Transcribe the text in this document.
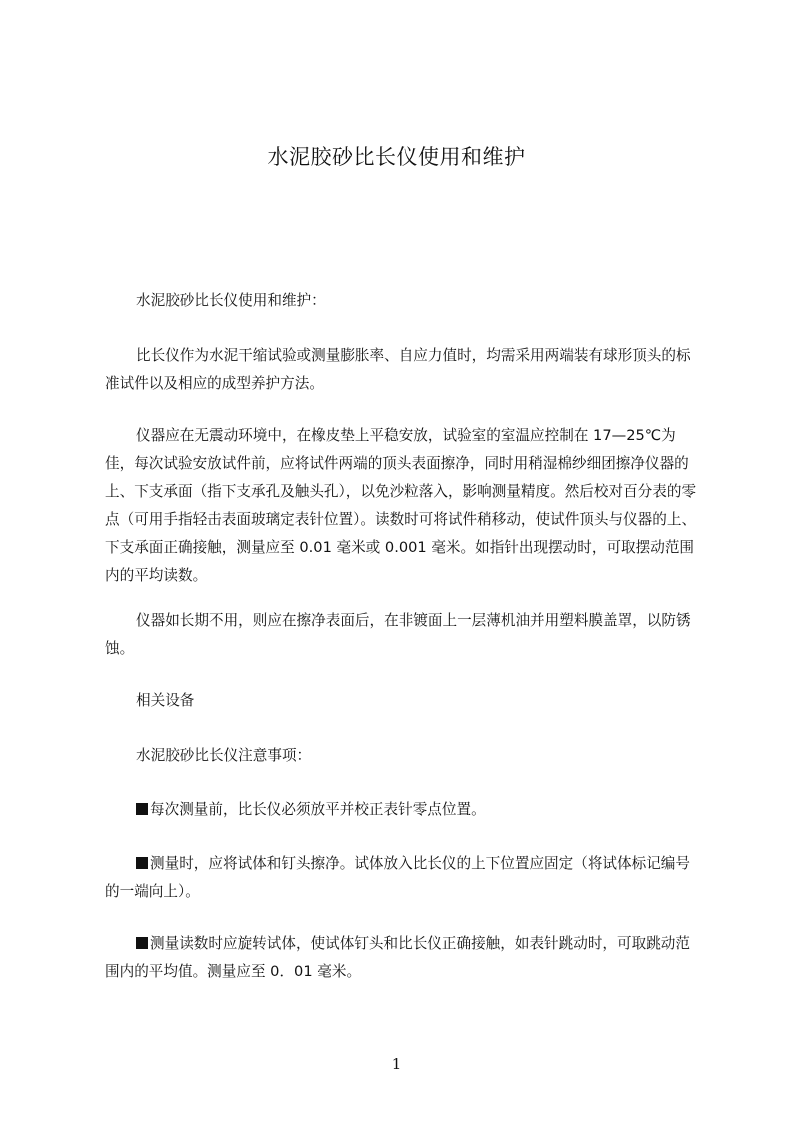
水泥胶砂比长仪使用和维护

水泥胶砂比长仪使用和维护：

比长仪作为水泥干缩试验或测量膨胀率、自应力值时，均需采用两端装有球形顶头的标准试件以及相应的成型养护方法。

仪器应在无震动环境中，在橡皮垫上平稳安放，试验室的室温应控制在 17—25℃为佳，每次试验安放试件前，应将试件两端的顶头表面擦净，同时用稍湿棉纱细团擦净仪器的上、下支承面（指下支承孔及触头孔），以免沙粒落入，影响测量精度。然后校对百分表的零点（可用手指轻击表面玻璃定表针位置）。读数时可将试件稍移动，使试件顶头与仪器的上、下支承面正确接触，测量应至 0.01 毫米或 0.001 毫米。如指针出现摆动时，可取摆动范围内的平均读数。

仪器如长期不用，则应在擦净表面后，在非镀面上一层薄机油并用塑料膜盖罩，以防锈蚀。

相关设备

水泥胶砂比长仪注意事项：

每次测量前，比长仪必须放平并校正表针零点位置。

测量时，应将试体和钉头擦净。试体放入比长仪的上下位置应固定（将试体标记编号的一端向上）。

测量读数时应旋转试体，使试体钉头和比长仪正确接触，如表针跳动时，可取跳动范围内的平均值。测量应至 0．01 毫米。

1
